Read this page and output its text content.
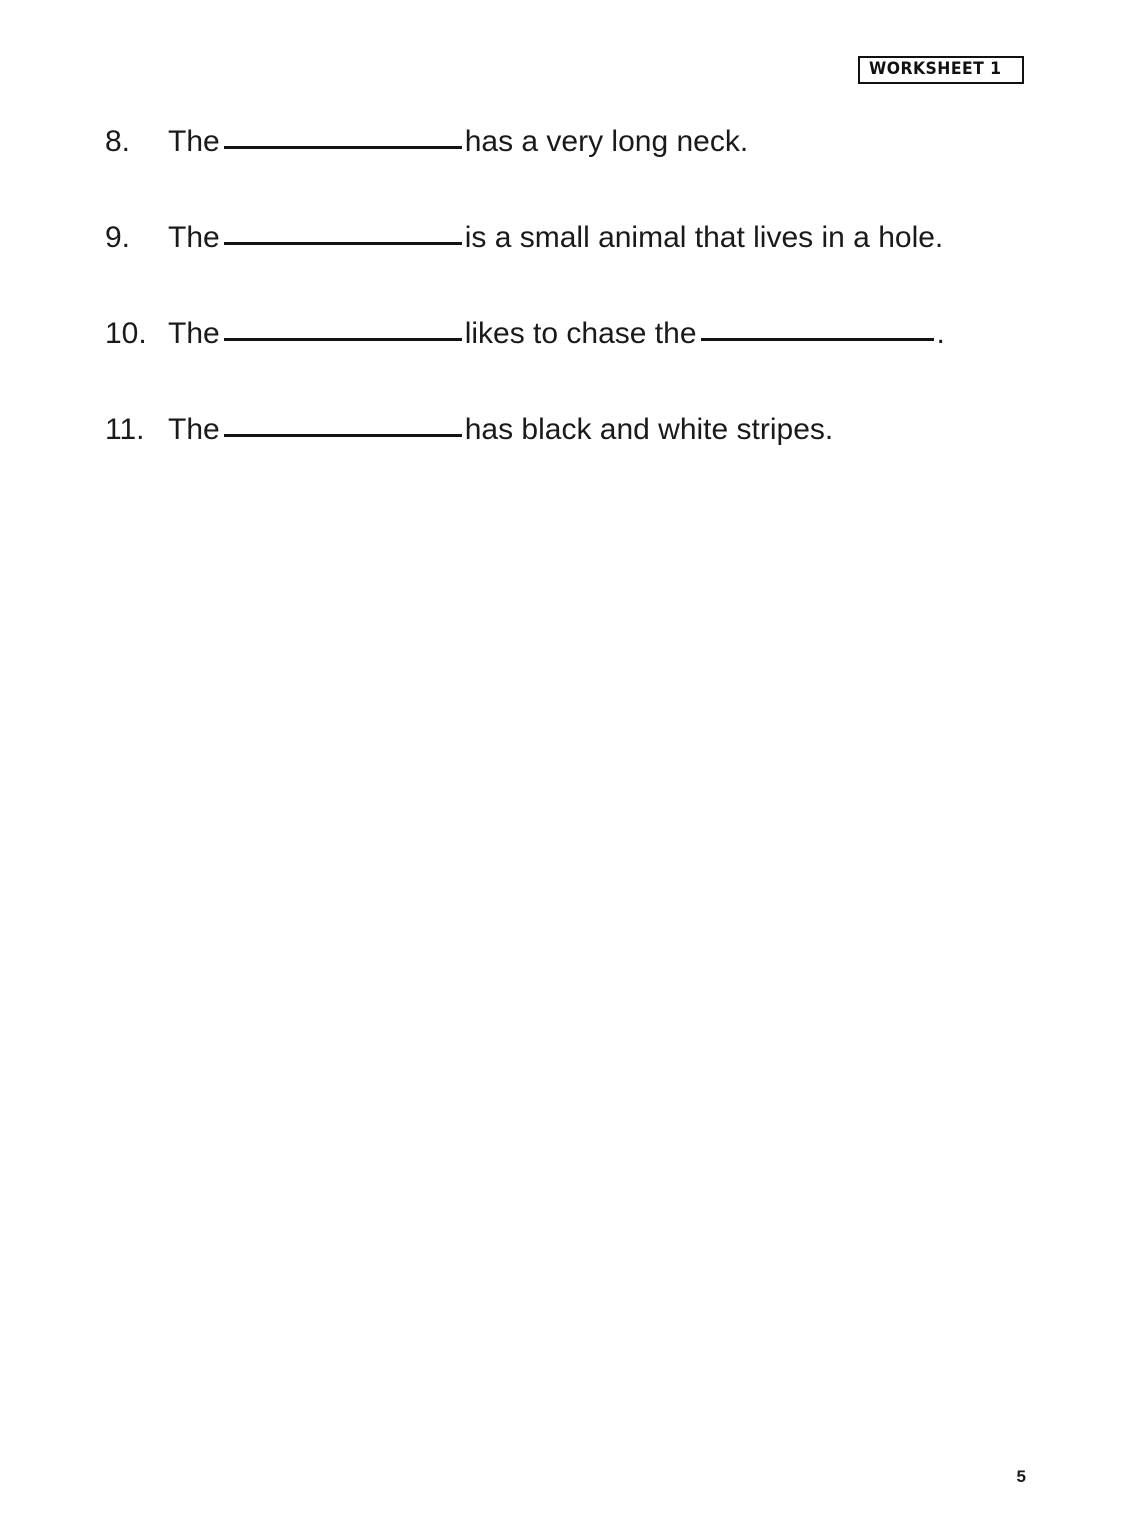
WORKSHEET 1
8.	The	has a very long neck.
9.	The	is a small animal that lives in a hole.
10. The	likes to chase the	.
11. The	has black and white stripes.
5
